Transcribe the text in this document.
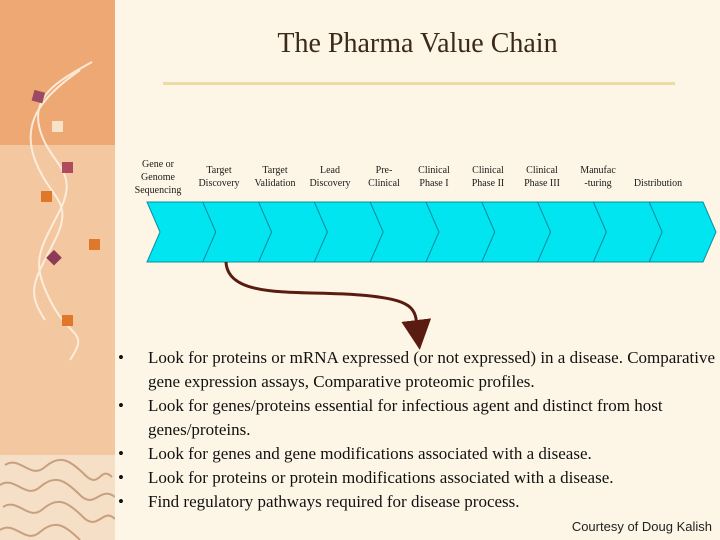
The Pharma Value Chain
Gene or
Genome
Sequencing
Target
Discovery
Target
Validation
Lead
Discovery
Pre-
Clinical
Clinical
Phase I
Clinical
Phase II
Clinical
Phase III
Manufac
-turing	Distribution
• Look for proteins or mRNA expressed (or not expressed) in a disease. Comparative gene expression assays, Comparative proteomic profiles.
• Look for genes/proteins essential for infectious agent and distinct from host genes/proteins.
• Look for genes and gene modifications associated with a disease.
• Look for proteins or protein modifications associated with a disease.
• Find regulatory pathways required for disease process.
Courtesy of Doug Kalish
